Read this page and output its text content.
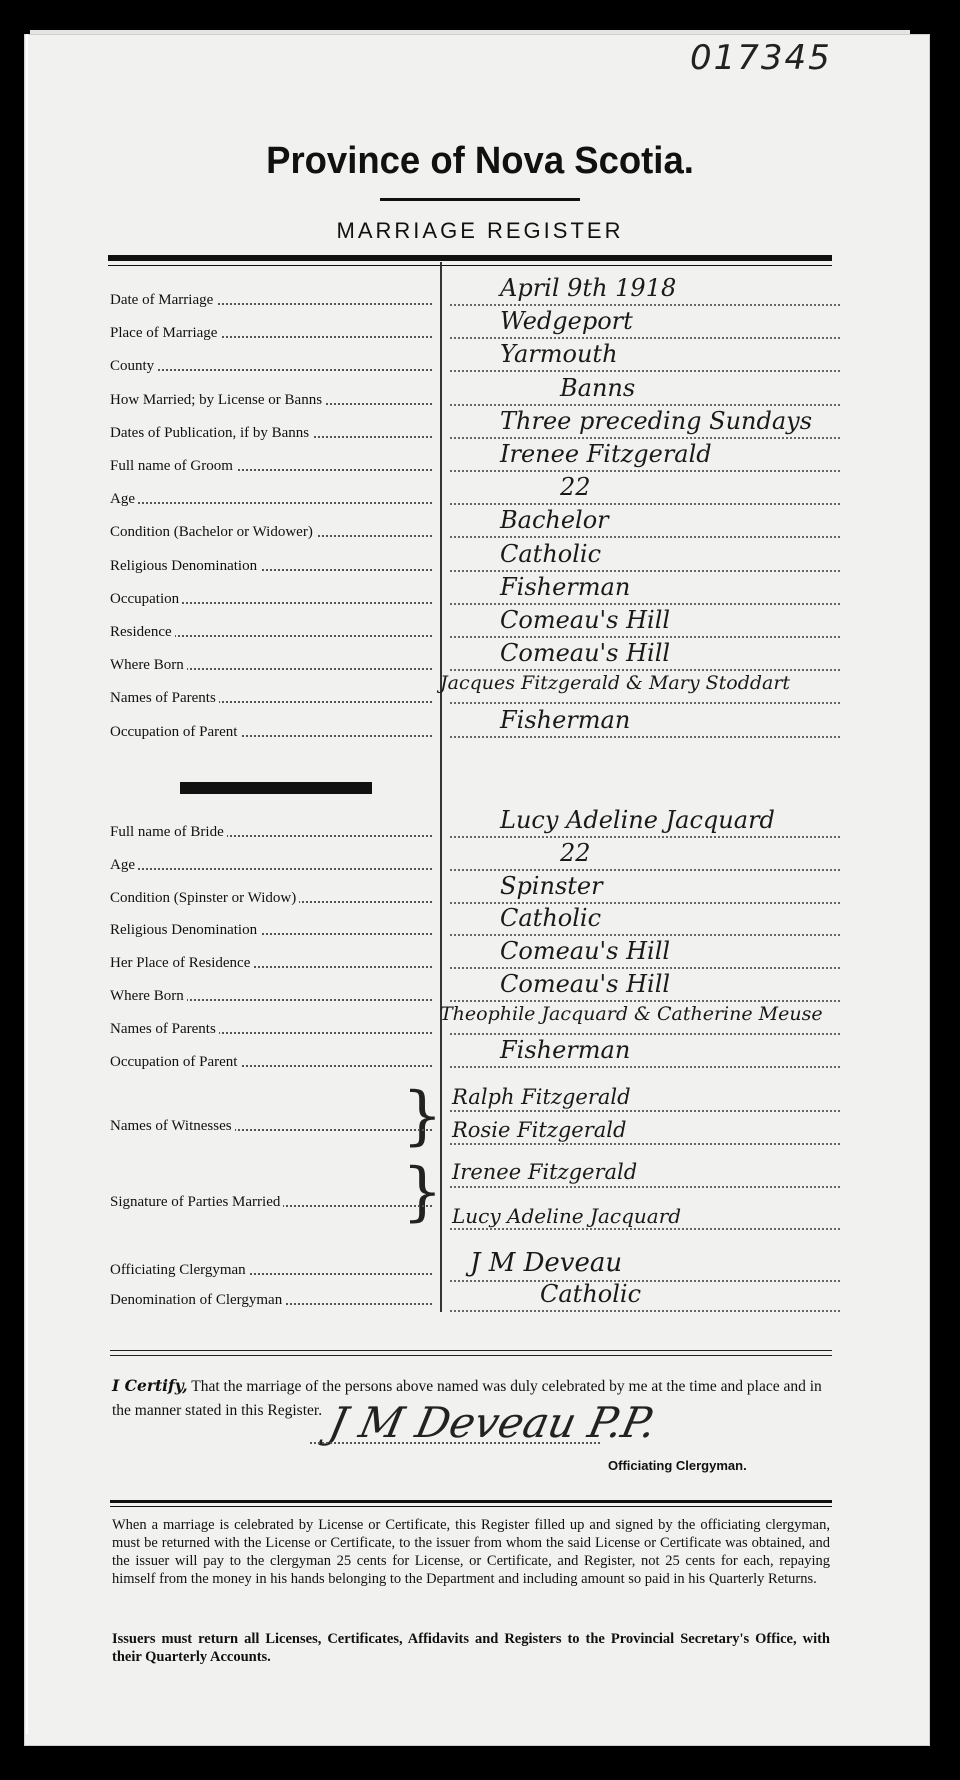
017345
Province of Nova Scotia.
MARRIAGE REGISTER
Date of Marriage	April 9th 1918
Place of Marriage	Wedgeport
County	Yarmouth
How Married; by License or Banns	Banns
Dates of Publication, if by Banns	Three preceding Sundays
Full name of Groom	Irenee Fitzgerald
Age	22
Condition (Bachelor or Widower)	Bachelor
Religious Denomination	Catholic
Occupation	Fisherman
Residence	Comeau's Hill
Where Born	Comeau's Hill
Names of Parents
Jacques Fitzgerald & Mary Stoddart
Occupation of Parent	Fisherman
Full name of Bride	Lucy Adeline Jacquard
Age	22
Condition (Spinster or Widow)	Spinster
Religious Denomination	Catholic
Her Place of Residence	Comeau's Hill
Where Born	Comeau's Hill
Names of Parents
Theophile Jacquard & Catherine Meuse
Occupation of Parent	Fisherman
Names of Witnesses	} Ralph Fitzgerald
Rosie Fitzgerald
Signature of Parties Married	} Irenee Fitzgerald
Lucy Adeline Jacquard
Officiating Clergyman	J M Deveau
Denomination of Clergyman	Catholic
I Certify, That the marriage of the persons above named was duly celebrated by me at the time and place and in the manner stated in this Register. J M Deveau P.P.
Officiating Clergyman.
When a marriage is celebrated by License or Certificate, this Register filled up and signed by the officiating clergyman, must be returned with the License or Certificate, to the issuer from whom the said License or Certificate was obtained, and the issuer will pay to the clergyman 25 cents for License, or Certificate, and Register, not 25 cents for each, repaying himself from the money in his hands belonging to the Department and including amount so paid in his Quarterly Returns.
Issuers must return all Licenses, Certificates, Affidavits and Registers to the Provincial Secretary's Office, with their Quarterly Accounts.
